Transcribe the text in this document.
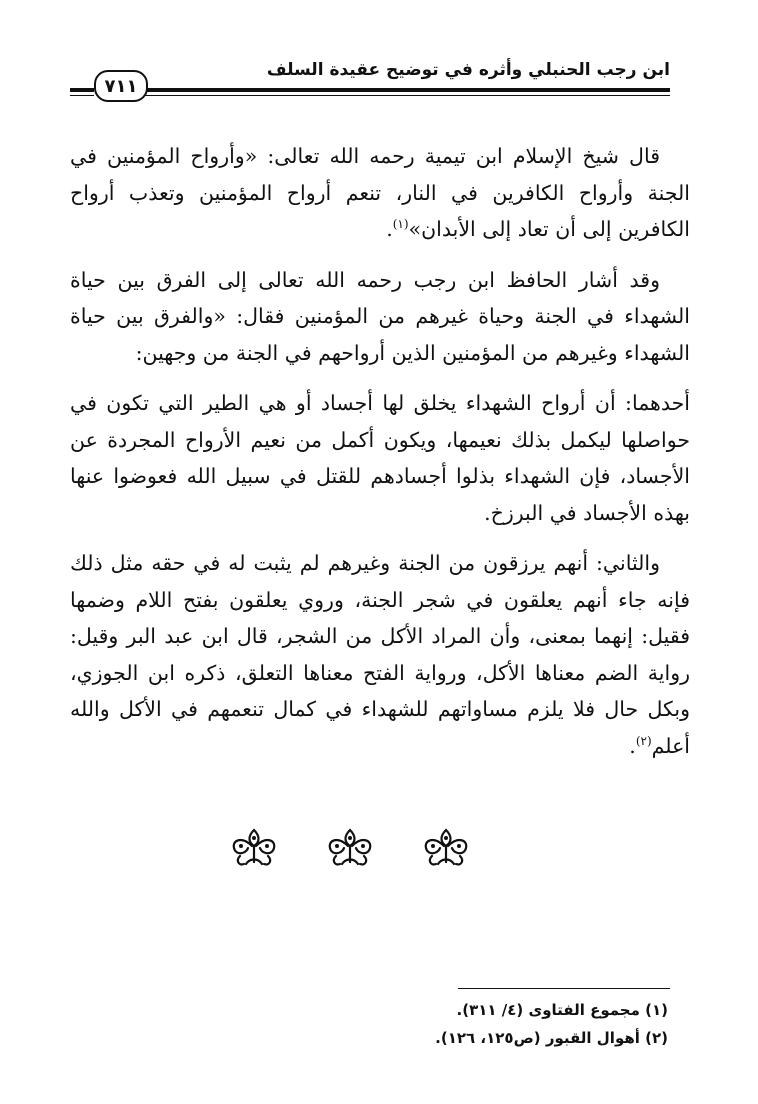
ابن رجب الحنبلي وأثره في توضيح عقيدة السلف
٧١١

قال شيخ الإسلام ابن تيمية رحمه الله تعالى: «وأرواح المؤمنين في الجنة وأرواح الكافرين في النار، تنعم أرواح المؤمنين وتعذب أرواح الكافرين إلى أن تعاد إلى الأبدان»$^{(١)}$.

وقد أشار الحافظ ابن رجب رحمه الله تعالى إلى الفرق بين حياة الشهداء في الجنة وحياة غيرهم من المؤمنين فقال: «والفرق بين حياة الشهداء وغيرهم من المؤمنين الذين أرواحهم في الجنة من وجهين:

أحدهما: أن أرواح الشهداء يخلق لها أجساد أو هي الطير التي تكون في حواصلها ليكمل بذلك نعيمها، ويكون أكمل من نعيم الأرواح المجردة عن الأجساد، فإن الشهداء بذلوا أجسادهم للقتل في سبيل الله فعوضوا عنها بهذه الأجساد في البرزخ.

والثاني: أنهم يرزقون من الجنة وغيرهم لم يثبت له في حقه مثل ذلك فإنه جاء أنهم يعلقون في شجر الجنة، وروي يعلقون بفتح اللام وضمها فقيل: إنهما بمعنى، وأن المراد الأكل من الشجر، قال ابن عبد البر وقيل: رواية الضم معناها الأكل، ورواية الفتح معناها التعلق، ذكره ابن الجوزي، وبكل حال فلا يلزم مساواتهم للشهداء في كمال تنعمهم في الأكل والله أعلم$^{(٢)}$.

(١) مجموع الفتاوى (٤/ ٣١١).
(٢) أهوال القبور (ص١٢٥، ١٢٦).
